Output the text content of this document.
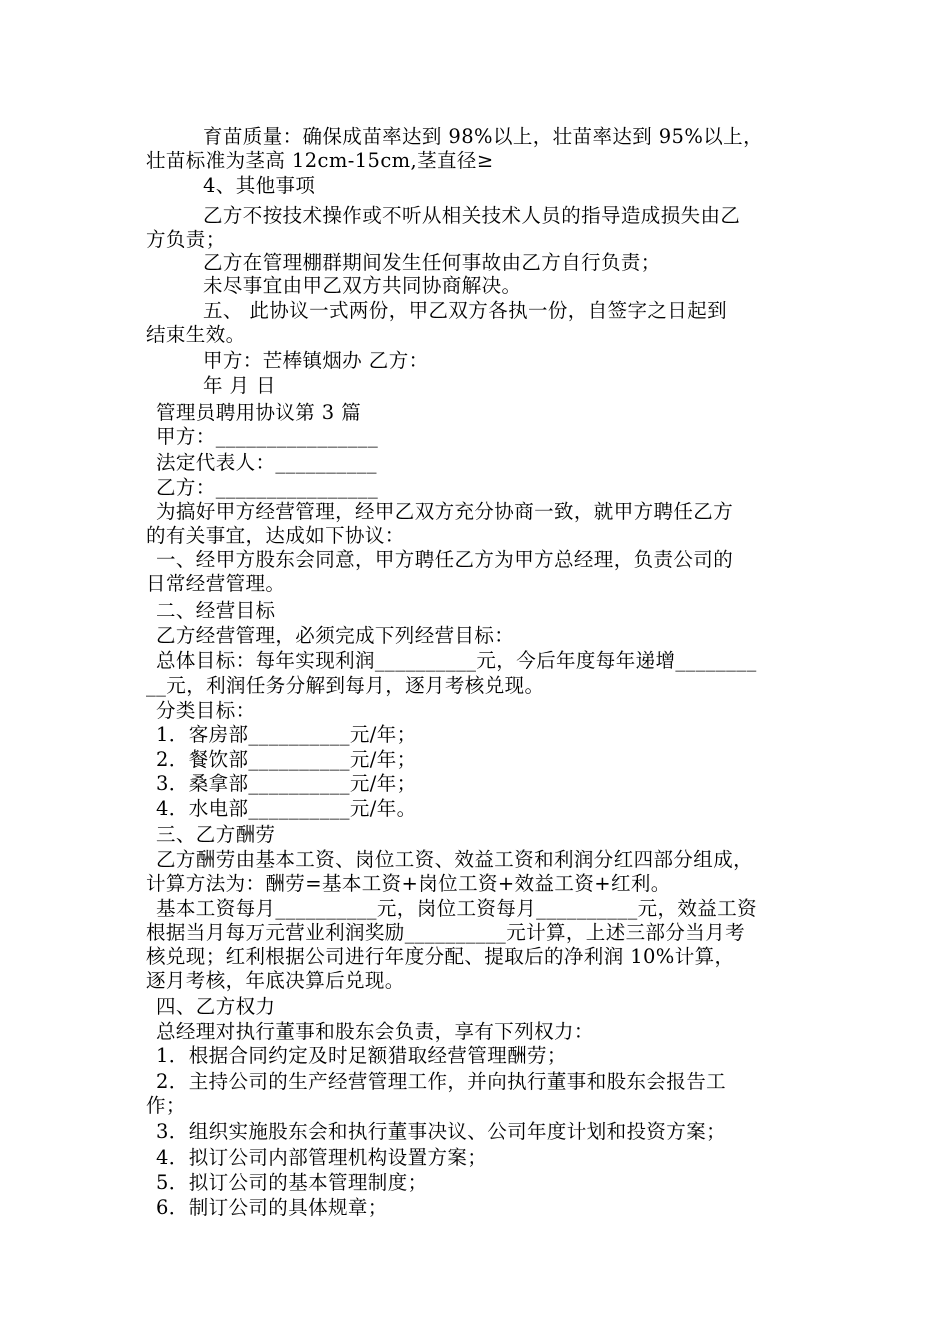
育苗质量：确保成苗率达到 98%以上，壮苗率达到 95%以上，
壮苗标准为茎高 12cm-15cm,茎直径≥
4、其他事项
乙方不按技术操作或不听从相关技术人员的指导造成损失由乙
方负责；
乙方在管理棚群期间发生任何事故由乙方自行负责；
未尽事宜由甲乙双方共同协商解决。
五、 此协议一式两份，甲乙双方各执一份，自签字之日起到
结束生效。
甲方：芒棒镇烟办 乙方：
年 月 日
管理员聘用协议第 3 篇
甲方：________________
法定代表人：__________
乙方：________________
为搞好甲方经营管理，经甲乙双方充分协商一致，就甲方聘任乙方
的有关事宜，达成如下协议：
一、经甲方股东会同意，甲方聘任乙方为甲方总经理，负责公司的
日常经营管理。
二、经营目标
乙方经营管理，必须完成下列经营目标：
总体目标：每年实现利润__________元，今后年度每年递增________
__元，利润任务分解到每月，逐月考核兑现。
分类目标：
1．客房部__________元/年；
2．餐饮部__________元/年；
3．桑拿部__________元/年；
4．水电部__________元/年。
三、乙方酬劳
乙方酬劳由基本工资、岗位工资、效益工资和利润分红四部分组成，
计算方法为：酬劳=基本工资+岗位工资+效益工资+红利。
基本工资每月__________元，岗位工资每月__________元，效益工资
根据当月每万元营业利润奖励__________元计算，上述三部分当月考
核兑现；红利根据公司进行年度分配、提取后的净利润 10%计算，
逐月考核，年底决算后兑现。
四、乙方权力
总经理对执行董事和股东会负责，享有下列权力：
1．根据合同约定及时足额猎取经营管理酬劳；
2．主持公司的生产经营管理工作，并向执行董事和股东会报告工
作；
3．组织实施股东会和执行董事决议、公司年度计划和投资方案；
4．拟订公司内部管理机构设置方案；
5．拟订公司的基本管理制度；
6．制订公司的具体规章；
